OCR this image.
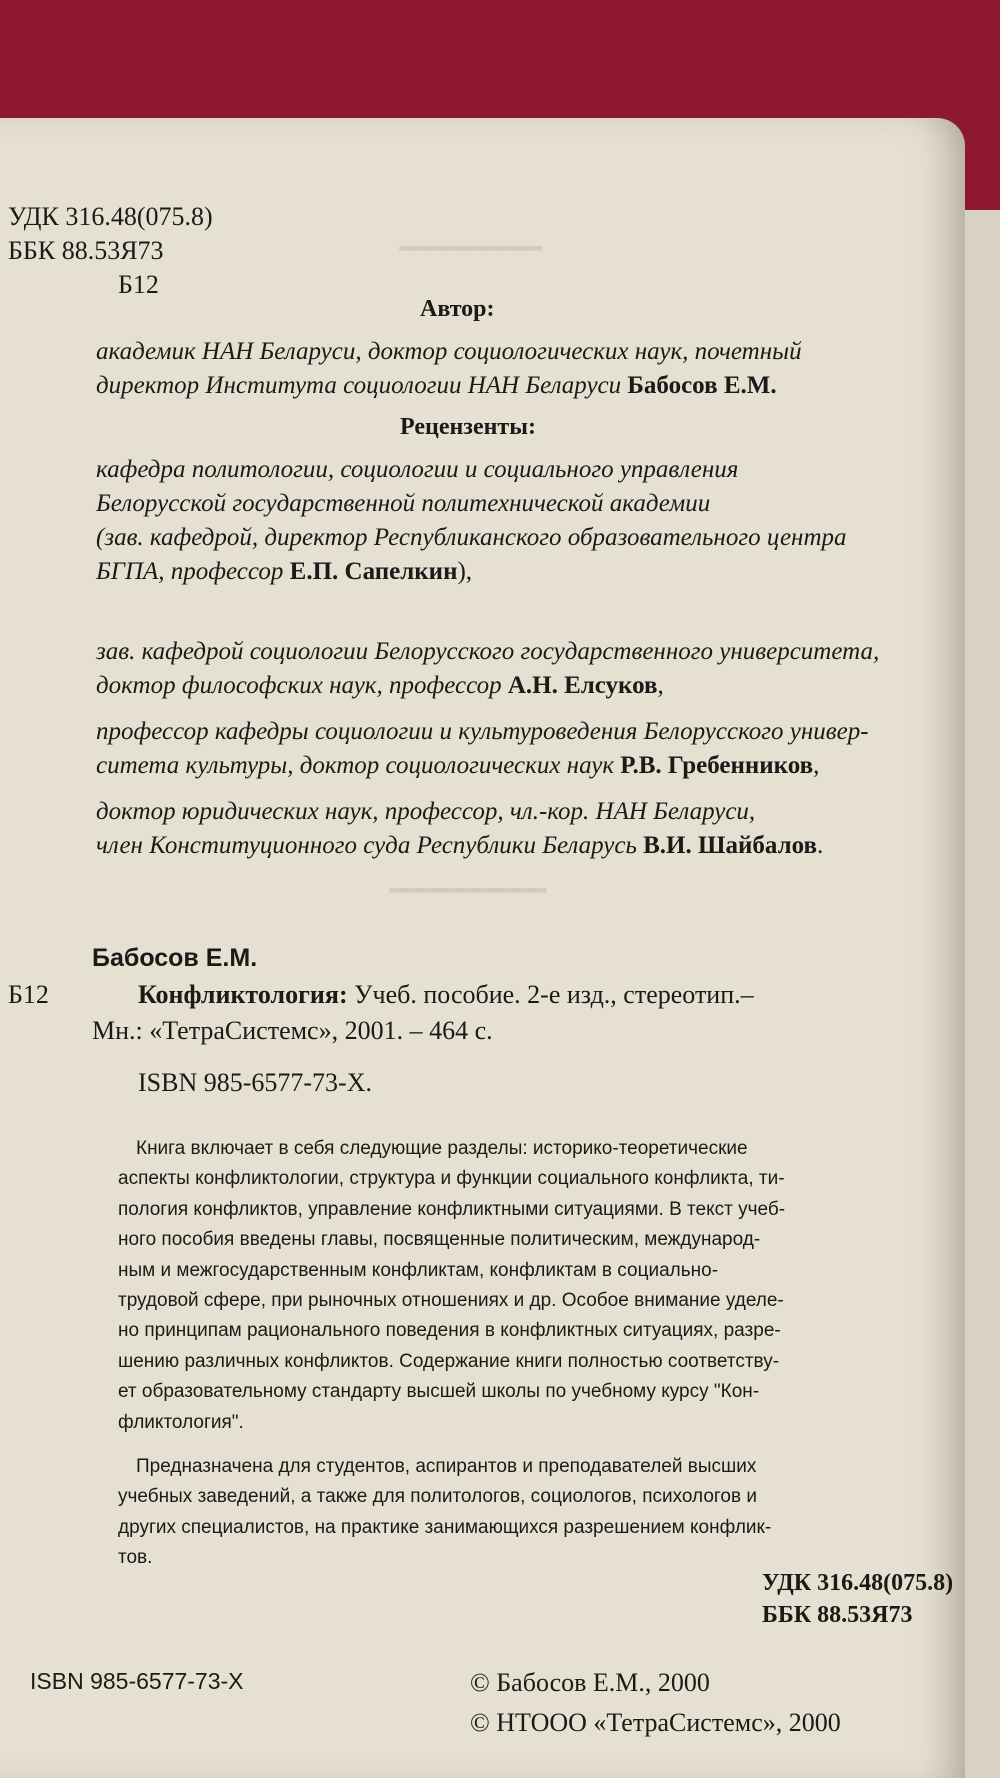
━━━━━━━━━━
УДК 316.48(075.8)
ББК 88.53Я73
Б12
Автор:
академик НАН Беларуси, доктор социологических наук, почетный
директор Института социологии НАН Беларуси Бабосов Е.М.
Рецензенты:
кафедра политологии, социологии и социального управления
Белорусской государственной политехнической академии
(зав. кафедрой, директор Республиканского образовательного центра
БГПА, профессор Е.П. Сапелкин),
зав. кафедрой социологии Белорусского государственного университета,
доктор философских наук, профессор А.Н. Елсуков,
профессор кафедры социологии и культуроведения Белорусского универ-
ситета культуры, доктор социологических наук Р.В. Гребенников,
доктор юридических наук, профессор, чл.-кор. НАН Беларуси,
член Конституционного суда Республики Беларусь В.И. Шайбалов.
━━━━━━━━━━━
Бабосов Е.М.
Б12	Конфликтология: Учеб. пособие. 2-е изд., стереотип.–
Мн.: «ТетраСистемс», 2001. – 464 с.
ISBN 985-6577-73-X.
Книга включает в себя следующие разделы: историко-теоретические
аспекты конфликтологии, структура и функции социального конфликта, ти-
пология конфликтов, управление конфликтными ситуациями. В текст учеб-
ного пособия введены главы, посвященные политическим, международ-
ным и межгосударственным конфликтам, конфликтам в социально-
трудовой сфере, при рыночных отношениях и др. Особое внимание уделе-
но принципам рационального поведения в конфликтных ситуациях, разре-
шению различных конфликтов. Содержание книги полностью соответству-
ет образовательному стандарту высшей школы по учебному курсу "Кон-
фликтология".
Предназначена для студентов, аспирантов и преподавателей высших
учебных заведений, а также для политологов, социологов, психологов и
других специалистов, на практике занимающихся разрешением конфлик-
тов.
УДК 316.48(075.8)
ББК 88.53Я73
ISBN 985-6577-73-X	© Бабосов Е.М., 2000
© НТООО «ТетраСистемс», 2000
